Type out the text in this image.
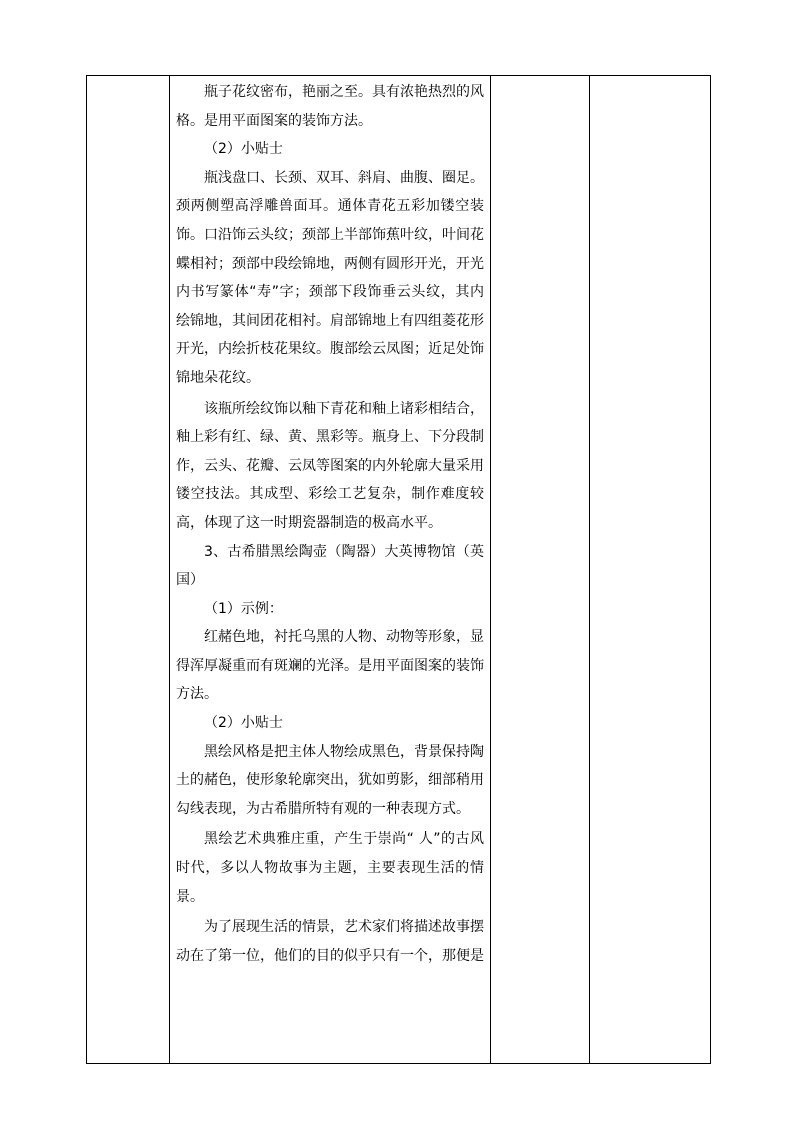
瓶子花纹密布，艳丽之至。具有浓艳热烈的风格。是用平面图案的装饰方法。

（2）小贴士

瓶浅盘口、长颈、双耳、斜肩、曲腹、圈足。颈两侧塑高浮雕兽面耳。通体青花五彩加镂空装饰。口沿饰云头纹；颈部上半部饰蕉叶纹，叶间花蝶相衬；颈部中段绘锦地，两侧有圆形开光，开光内书写篆体“寿”字；颈部下段饰垂云头纹，其内绘锦地，其间团花相衬。肩部锦地上有四组菱花形开光，内绘折枝花果纹。腹部绘云凤图；近足处饰锦地朵花纹。

该瓶所绘纹饰以釉下青花和釉上诸彩相结合，釉上彩有红、绿、黄、黑彩等。瓶身上、下分段制作，云头、花瓣、云凤等图案的内外轮廓大量采用镂空技法。其成型、彩绘工艺复杂，制作难度较高，体现了这一时期瓷器制造的极高水平。

3、古希腊黑绘陶壶（陶器）大英博物馆（英国）

（1）示例：

红赭色地，衬托乌黑的人物、动物等形象，显得浑厚凝重而有斑斓的光泽。是用平面图案的装饰方法。

（2）小贴士

黑绘风格是把主体人物绘成黑色，背景保持陶土的赭色，使形象轮廓突出，犹如剪影，细部稍用勾线表现，为古希腊所特有观的一种表现方式。

黑绘艺术典雅庄重，产生于崇尚“ 人”的古风时代，多以人物故事为主题，主要表现生活的情景。

为了展现生活的情景，艺术家们将描述故事摆动在了第一位，他们的目的似乎只有一个，那便是
